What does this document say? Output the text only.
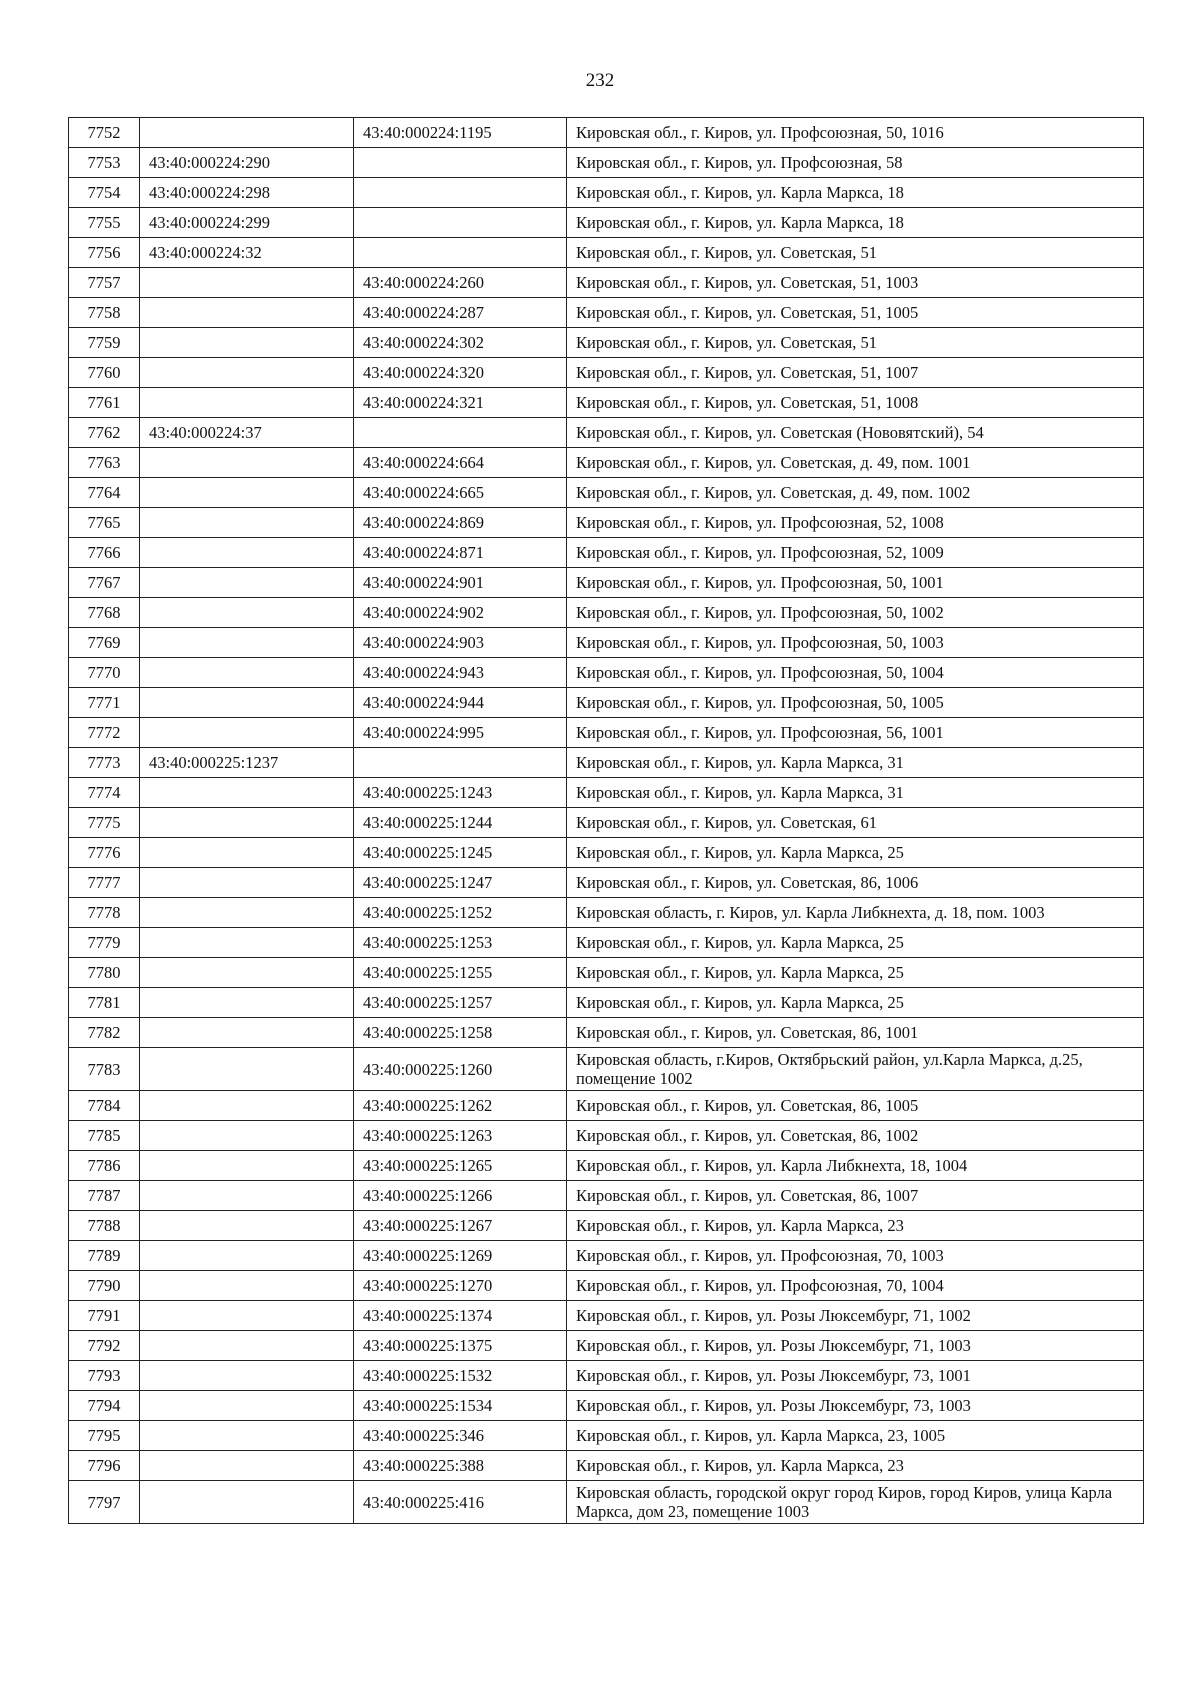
232
7752		43:40:000224:1195	Кировская обл., г. Киров, ул. Профсоюзная, 50, 1016
7753	43:40:000224:290		Кировская обл., г. Киров, ул. Профсоюзная, 58
7754	43:40:000224:298		Кировская обл., г. Киров, ул. Карла Маркса, 18
7755	43:40:000224:299		Кировская обл., г. Киров, ул. Карла Маркса, 18
7756	43:40:000224:32		Кировская обл., г. Киров, ул. Советская, 51
7757		43:40:000224:260	Кировская обл., г. Киров, ул. Советская, 51, 1003
7758		43:40:000224:287	Кировская обл., г. Киров, ул. Советская, 51, 1005
7759		43:40:000224:302	Кировская обл., г. Киров, ул. Советская, 51
7760		43:40:000224:320	Кировская обл., г. Киров, ул. Советская, 51, 1007
7761		43:40:000224:321	Кировская обл., г. Киров, ул. Советская, 51, 1008
7762	43:40:000224:37		Кировская обл., г. Киров, ул. Советская (Нововятский), 54
7763		43:40:000224:664	Кировская обл., г. Киров, ул. Советская, д. 49, пом. 1001
7764		43:40:000224:665	Кировская обл., г. Киров, ул. Советская, д. 49, пом. 1002
7765		43:40:000224:869	Кировская обл., г. Киров, ул. Профсоюзная, 52, 1008
7766		43:40:000224:871	Кировская обл., г. Киров, ул. Профсоюзная, 52, 1009
7767		43:40:000224:901	Кировская обл., г. Киров, ул. Профсоюзная, 50, 1001
7768		43:40:000224:902	Кировская обл., г. Киров, ул. Профсоюзная, 50, 1002
7769		43:40:000224:903	Кировская обл., г. Киров, ул. Профсоюзная, 50, 1003
7770		43:40:000224:943	Кировская обл., г. Киров, ул. Профсоюзная, 50, 1004
7771		43:40:000224:944	Кировская обл., г. Киров, ул. Профсоюзная, 50, 1005
7772		43:40:000224:995	Кировская обл., г. Киров, ул. Профсоюзная, 56, 1001
7773	43:40:000225:1237		Кировская обл., г. Киров, ул. Карла Маркса, 31
7774		43:40:000225:1243	Кировская обл., г. Киров, ул. Карла Маркса, 31
7775		43:40:000225:1244	Кировская обл., г. Киров, ул. Советская, 61
7776		43:40:000225:1245	Кировская обл., г. Киров, ул. Карла Маркса, 25
7777		43:40:000225:1247	Кировская обл., г. Киров, ул. Советская, 86, 1006
7778		43:40:000225:1252	Кировская область, г. Киров, ул. Карла Либкнехта, д. 18, пом. 1003
7779		43:40:000225:1253	Кировская обл., г. Киров, ул. Карла Маркса, 25
7780		43:40:000225:1255	Кировская обл., г. Киров, ул. Карла Маркса, 25
7781		43:40:000225:1257	Кировская обл., г. Киров, ул. Карла Маркса, 25
7782		43:40:000225:1258	Кировская обл., г. Киров, ул. Советская, 86, 1001
7783		43:40:000225:1260	Кировская область, г.Киров, Октябрьский район, ул.Карла Маркса, д.25, помещение 1002
7784		43:40:000225:1262	Кировская обл., г. Киров, ул. Советская, 86, 1005
7785		43:40:000225:1263	Кировская обл., г. Киров, ул. Советская, 86, 1002
7786		43:40:000225:1265	Кировская обл., г. Киров, ул. Карла Либкнехта, 18, 1004
7787		43:40:000225:1266	Кировская обл., г. Киров, ул. Советская, 86, 1007
7788		43:40:000225:1267	Кировская обл., г. Киров, ул. Карла Маркса, 23
7789		43:40:000225:1269	Кировская обл., г. Киров, ул. Профсоюзная, 70, 1003
7790		43:40:000225:1270	Кировская обл., г. Киров, ул. Профсоюзная, 70, 1004
7791		43:40:000225:1374	Кировская обл., г. Киров, ул. Розы Люксембург, 71, 1002
7792		43:40:000225:1375	Кировская обл., г. Киров, ул. Розы Люксембург, 71, 1003
7793		43:40:000225:1532	Кировская обл., г. Киров, ул. Розы Люксембург, 73, 1001
7794		43:40:000225:1534	Кировская обл., г. Киров, ул. Розы Люксембург, 73, 1003
7795		43:40:000225:346	Кировская обл., г. Киров, ул. Карла Маркса, 23, 1005
7796		43:40:000225:388	Кировская обл., г. Киров, ул. Карла Маркса, 23
7797		43:40:000225:416	Кировская область, городской округ город Киров, город Киров, улица Карла Маркса, дом 23, помещение 1003
